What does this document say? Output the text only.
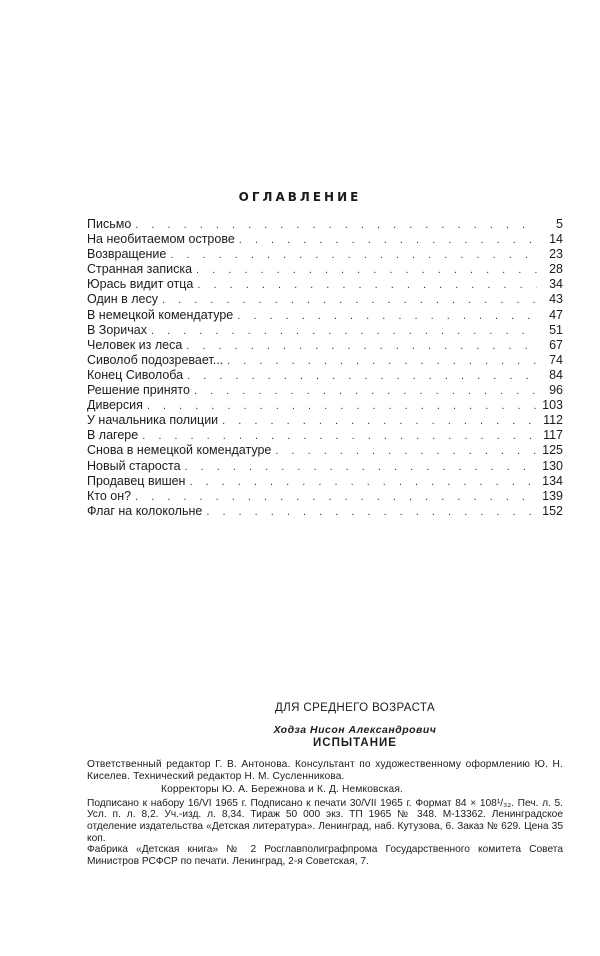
ОГЛАВЛЕНИЕ
Письмо . . .	5
На необитаемом острове . . .	14
Возвращение . . .	23
Странная записка . . .	28
Юрась видит отца . . .	34
Один в лесу . . .	43
В немецкой комендатуре . . .	47
В Зоричах . . .	51
Человек из леса . . .	67
Сиволоб подозревает... . . .	74
Конец Сиволоба . . .	84
Решение принято . . .	96
Диверсия . . .	103
У начальника полиции . . .	112
В лагере . . .	117
Снова в немецкой комендатуре . . .	125
Новый староста . . .	130
Продавец вишен . . .	134
Кто он? . . .	139
Флаг на колокольне . . .	152
ДЛЯ СРЕДНЕГО ВОЗРАСТА
Ходза Нисон Александрович
ИСПЫТАНИЕ

Ответственный редактор Г. В. Антонова. Консультант по художественному оформлению Ю. Н. Киселев. Технический редактор Н. М. Сусленникова.

Корректоры Ю. А. Бережнова и К. Д. Немковская.

Подписано к набору 16/VI 1965 г. Подписано к печати 30/VII 1965 г. Формат 84 × 108¹/₃₂. Печ. л. 5. Усл. п. л. 8,2. Уч.-изд. л. 8,34. Тираж 50 000 экз. ТП 1965 № 348. М-13362. Ленинградское отделение издательства «Детская литература». Ленинград, наб. Кутузова, 6. Заказ № 629. Цена 35 коп.

Фабрика «Детская книга» № 2 Росглавполиграфпрома Государственного комитета Совета Министров РСФСР по печати. Ленинград, 2-я Советская, 7.
